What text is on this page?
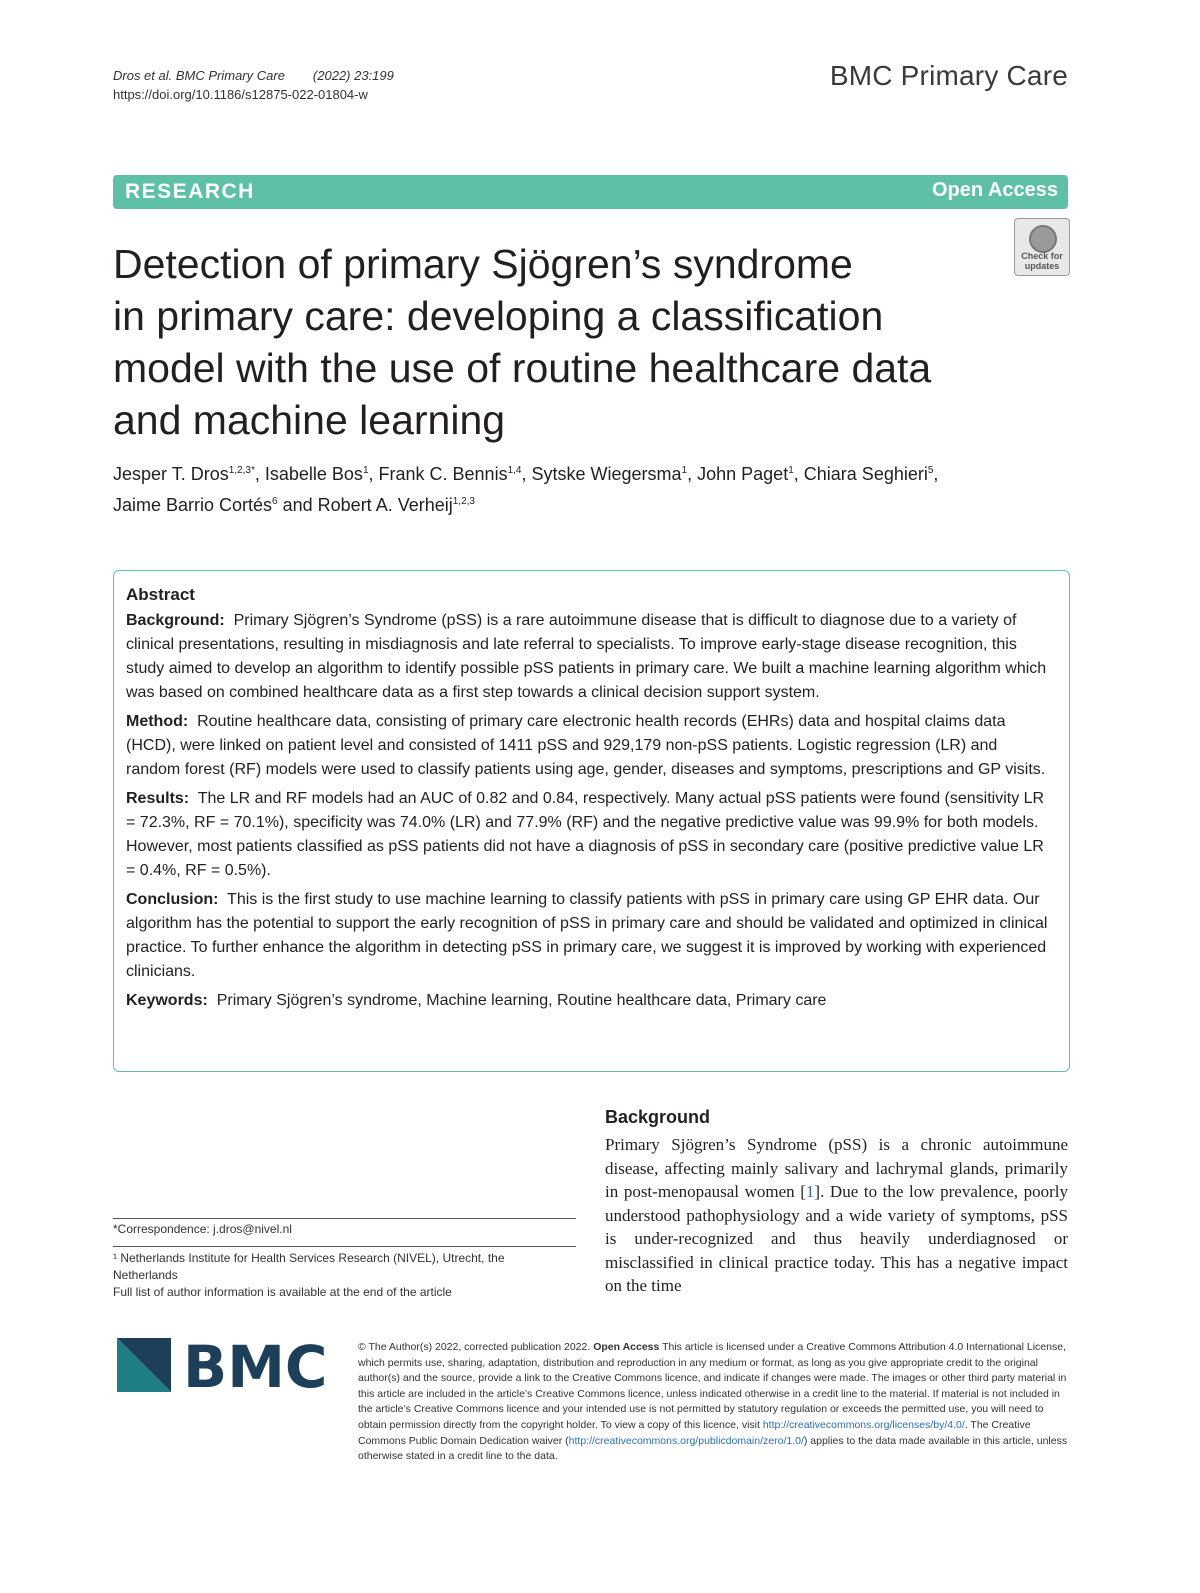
Dros et al. BMC Primary Care (2022) 23:199
https://doi.org/10.1186/s12875-022-01804-w
BMC Primary Care
RESEARCH	Open Access
Check for updates
Detection of primary Sjögren’s syndrome
in primary care: developing a classification
model with the use of routine healthcare data
and machine learning
Jesper T. Dros$^{1,2,3*}$, Isabelle Bos$^1$, Frank C. Bennis$^{1,4}$, Sytske Wiegersma$^1$, John Paget$^1$, Chiara Seghieri$^5$,
Jaime Barrio Cortés$^6$ and Robert A. Verheij$^{1,2,3}$
Abstract

Background: Primary Sjögren’s Syndrome (pSS) is a rare autoimmune disease that is difficult to diagnose due to a variety of clinical presentations, resulting in misdiagnosis and late referral to specialists. To improve early-stage disease recognition, this study aimed to develop an algorithm to identify possible pSS patients in primary care. We built a machine learning algorithm which was based on combined healthcare data as a first step towards a clinical decision support system.

Method: Routine healthcare data, consisting of primary care electronic health records (EHRs) data and hospital claims data (HCD), were linked on patient level and consisted of 1411 pSS and 929,179 non-pSS patients. Logistic regression (LR) and random forest (RF) models were used to classify patients using age, gender, diseases and symptoms, prescriptions and GP visits.

Results: The LR and RF models had an AUC of 0.82 and 0.84, respectively. Many actual pSS patients were found (sensitivity LR = 72.3%, RF = 70.1%), specificity was 74.0% (LR) and 77.9% (RF) and the negative predictive value was 99.9% for both models. However, most patients classified as pSS patients did not have a diagnosis of pSS in secondary care (positive predictive value LR = 0.4%, RF = 0.5%).

Conclusion: This is the first study to use machine learning to classify patients with pSS in primary care using GP EHR data. Our algorithm has the potential to support the early recognition of pSS in primary care and should be validated and optimized in clinical practice. To further enhance the algorithm in detecting pSS in primary care, we suggest it is improved by working with experienced clinicians.

Keywords: Primary Sjögren’s syndrome, Machine learning, Routine healthcare data, Primary care

Background
Primary Sjögren’s Syndrome (pSS) is a chronic autoimmune disease, affecting mainly salivary and lachrymal glands, primarily in post-menopausal women [1]. Due to the low prevalence, poorly understood pathophysiology and a wide variety of symptoms, pSS is under-recognized and thus heavily underdiagnosed or misclassified in clinical practice today. This has a negative impact on the time
*Correspondence: j.dros@nivel.nl
¹ Netherlands Institute for Health Services Research (NIVEL), Utrecht, the Netherlands
Full list of author information is available at the end of the article
BMC	© The Author(s) 2022, corrected publication 2022. Open Access This article is licensed under a Creative Commons Attribution 4.0 International License, which permits use, sharing, adaptation, distribution and reproduction in any medium or format, as long as you give appropriate credit to the original author(s) and the source, provide a link to the Creative Commons licence, and indicate if changes were made. The images or other third party material in this article are included in the article’s Creative Commons licence, unless indicated otherwise in a credit line to the material. If material is not included in the article’s Creative Commons licence and your intended use is not permitted by statutory regulation or exceeds the permitted use, you will need to obtain permission directly from the copyright holder. To view a copy of this licence, visit http://creativecommons.org/licenses/by/4.0/. The Creative Commons Public Domain Dedication waiver (http://creativecommons.org/publicdomain/zero/1.0/) applies to the data made available in this article, unless otherwise stated in a credit line to the data.
